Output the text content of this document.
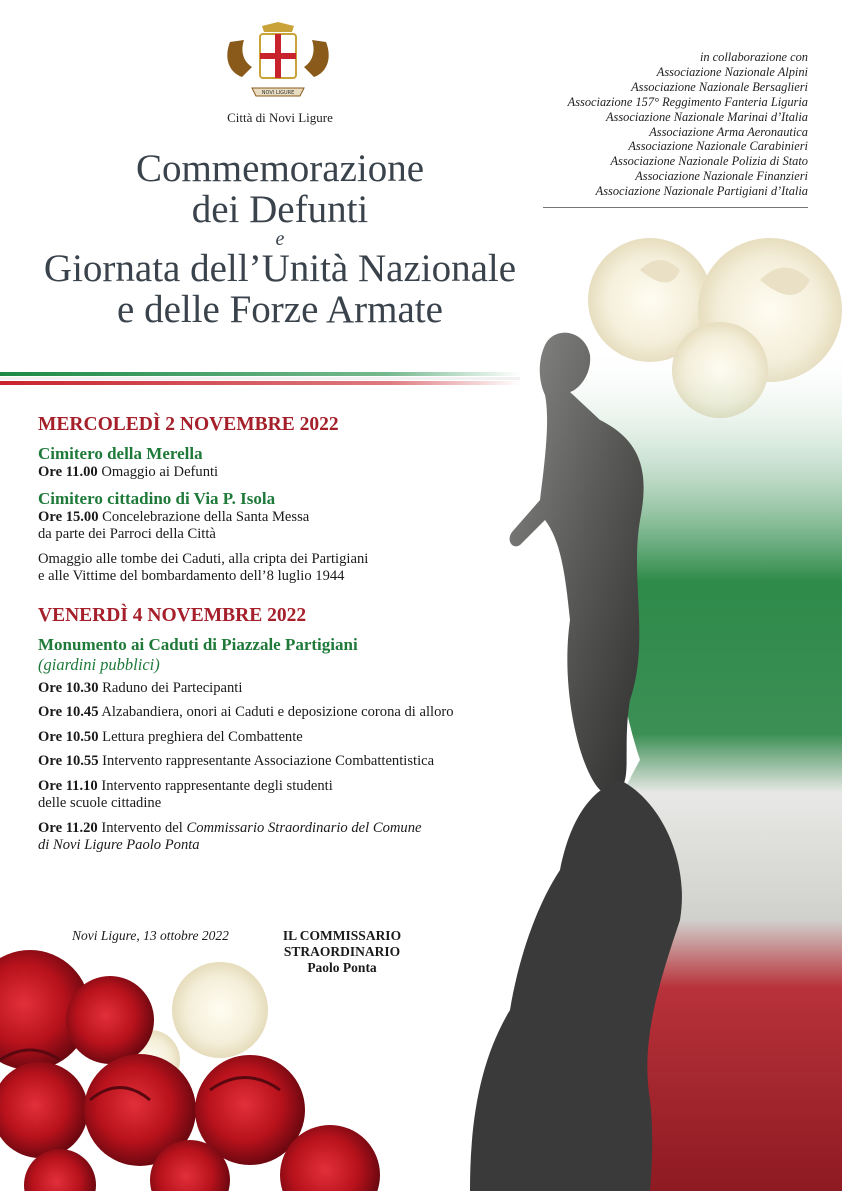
NOVI LIGURE
Città di Novi Ligure
in collaborazione con
Associazione Nazionale Alpini
Associazione Nazionale Bersaglieri
Associazione 157° Reggimento Fanteria Liguria
Associazione Nazionale Marinai d’Italia
Associazione Arma Aeronautica
Associazione Nazionale Carabinieri
Associazione Nazionale Polizia di Stato
Associazione Nazionale Finanzieri
Associazione Nazionale Partigiani d’Italia
Commemorazione
dei Defunti
e
Giornata dell’Unità Nazionale
e delle Forze Armate
MERCOLEDÌ 2 NOVEMBRE 2022
Cimitero della Merella
Ore 11.00 Omaggio ai Defunti
Cimitero cittadino di Via P. Isola
Ore 15.00 Concelebrazione della Santa Messa
da parte dei Parroci della Città
Omaggio alle tombe dei Caduti, alla cripta dei Partigiani
e alle Vittime del bombardamento dell’8 luglio 1944
VENERDÌ 4 NOVEMBRE 2022
Monumento ai Caduti di Piazzale Partigiani
(giardini pubblici)
Ore 10.30 Raduno dei Partecipanti
Ore 10.45 Alzabandiera, onori ai Caduti e deposizione corona di alloro
Ore 10.50 Lettura preghiera del Combattente
Ore 10.55 Intervento rappresentante Associazione Combattentistica
Ore 11.10 Intervento rappresentante degli studenti
delle scuole cittadine
Ore 11.20 Intervento del Commissario Straordinario del Comune
di Novi Ligure Paolo Ponta
Novi Ligure, 13 ottobre 2022	IL COMMISSARIO
STRAORDINARIO
Paolo Ponta
